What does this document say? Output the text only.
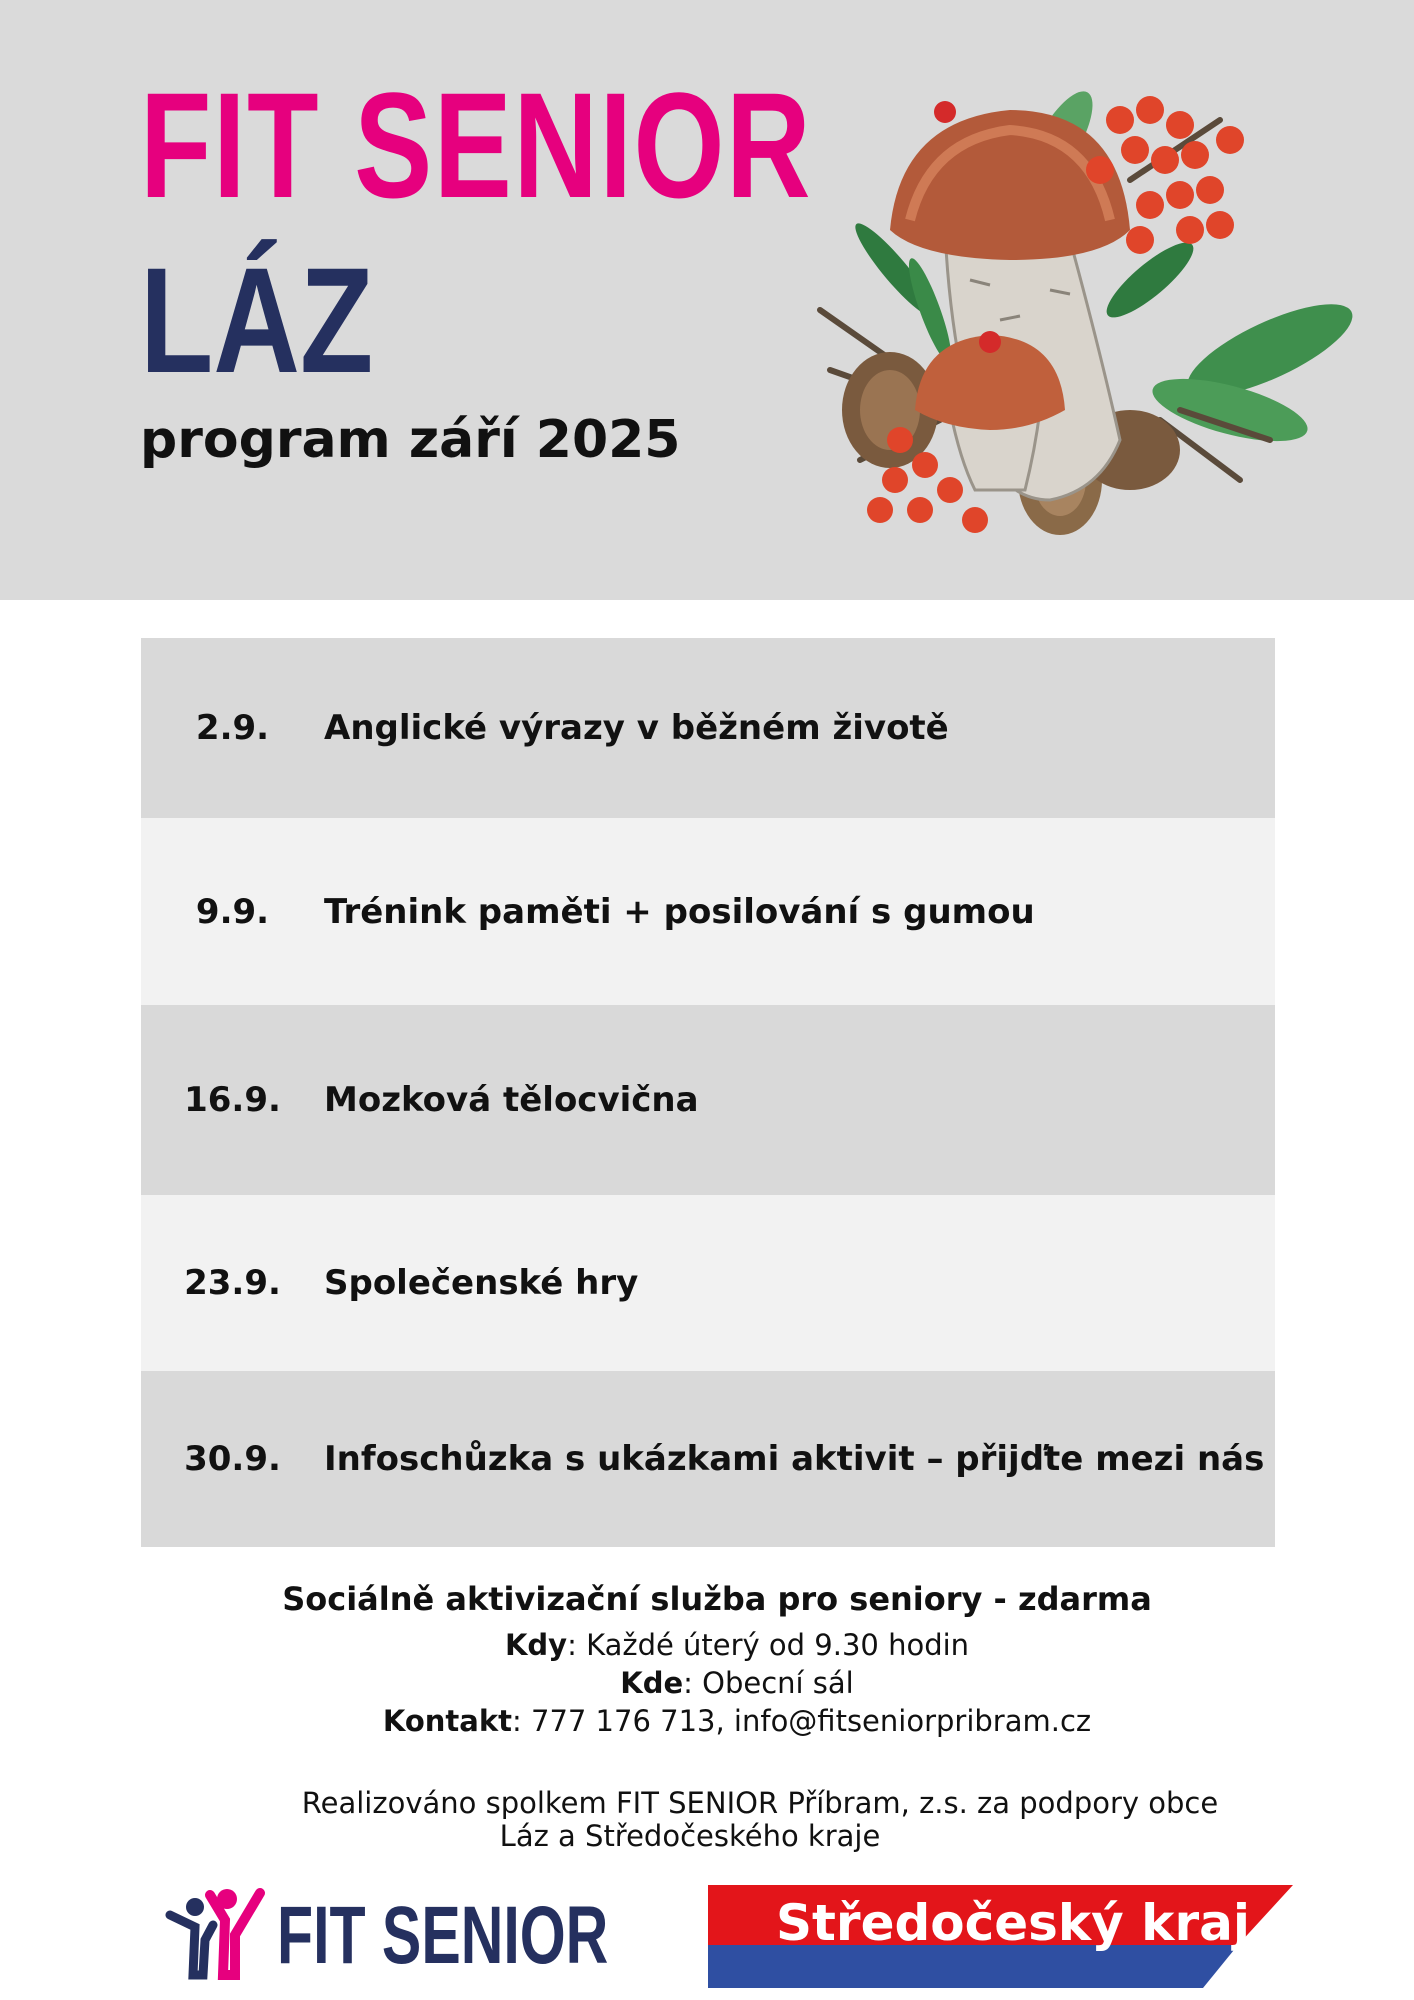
FIT SENIOR
LÁZ
program září 2025
2.9.	Anglické výrazy v běžném životě
9.9.	Trénink paměti + posilování s gumou
16.9.	Mozková tělocvična
23.9.	Společenské hry
30.9.	Infoschůzka s ukázkami aktivit – přijďte mezi nás
Sociálně aktivizační služba pro seniory - zdarma
Kdy: Každé úterý od 9.30 hodin
Kde: Obecní sál
Kontakt: 777 176 713, info@fitseniorpribram.cz
Realizováno spolkem FIT SENIOR Příbram, z.s. za podpory obce
Láz a Středočeského kraje
FIT SENIOR	Středočeský kraj
